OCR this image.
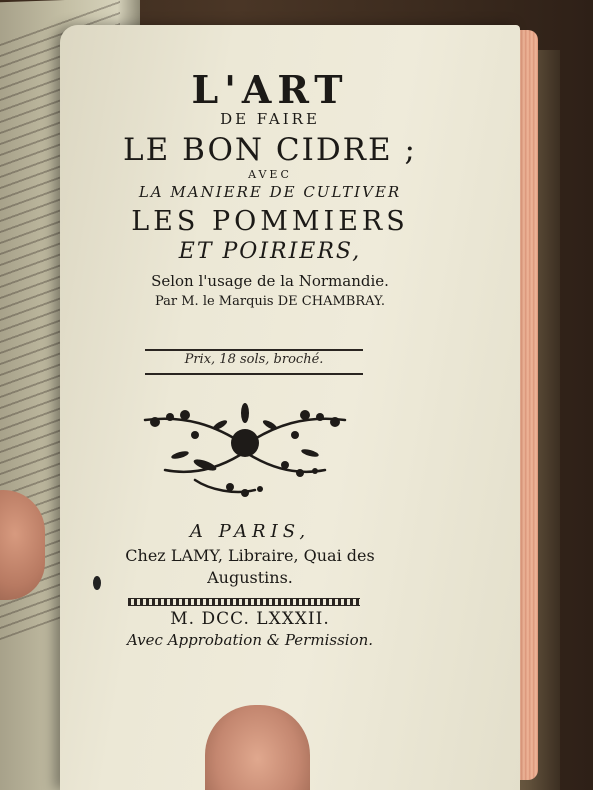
L'ART
DE FAIRE
LE BON CIDRE ;
AVEC
LA MANIERE DE CULTIVER
LES POMMIERS
ET POIRIERS,
Selon l'usage de la Normandie.
Par M. le Marquis DE CHAMBRAY.
Prix, 18 sols, broché.
A PARIS,
Chez LAMY, Libraire, Quai des
Augustins.
M. DCC. LXXXII.
Avec Approbation & Permission.
